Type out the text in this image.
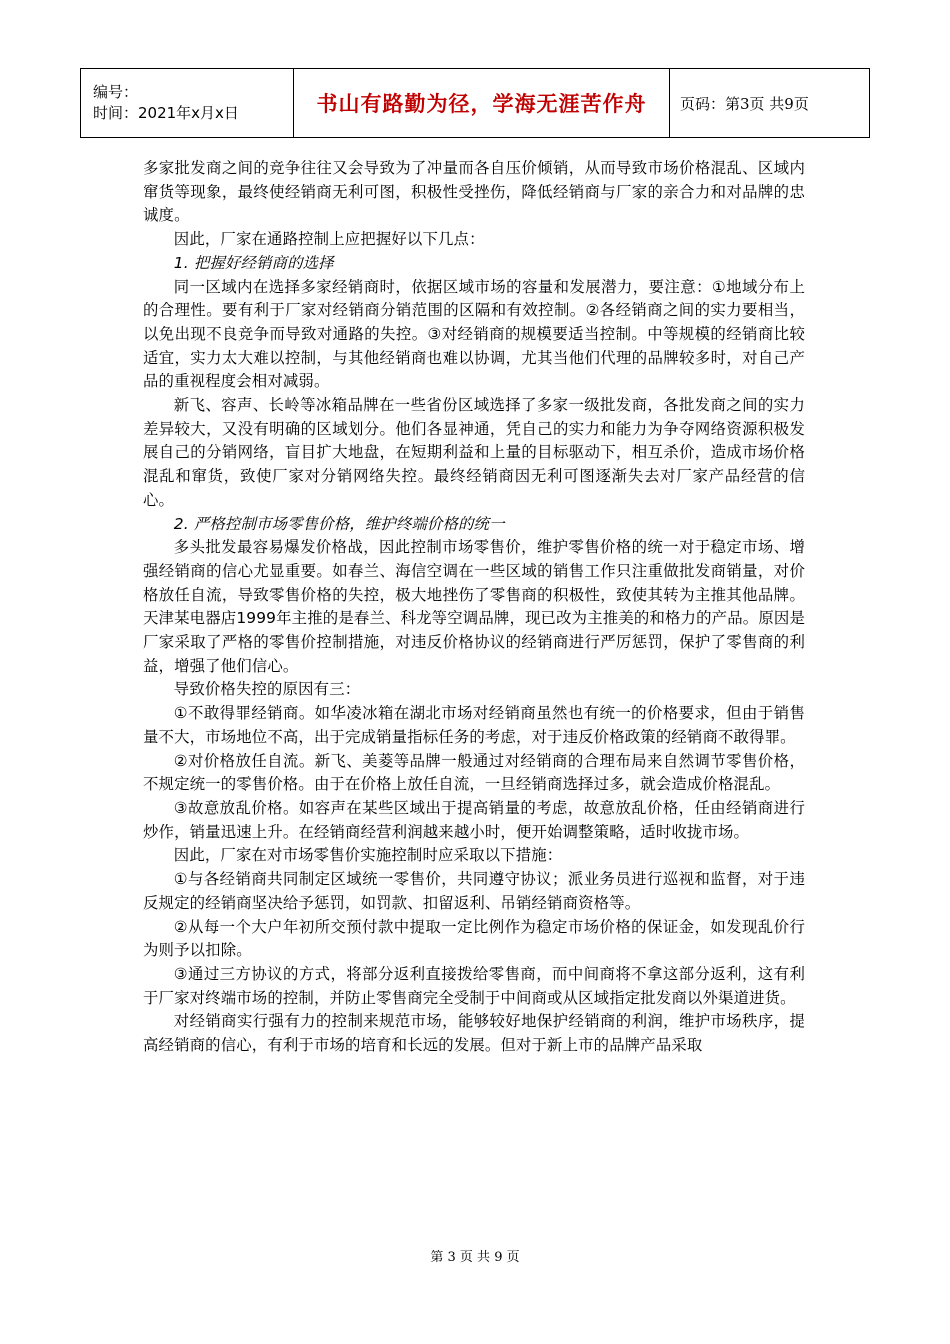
编号：
时间：2021年x月x日	书山有路勤为径，学海无涯苦作舟	页码：第3页 共9页

多家批发商之间的竞争往往又会导致为了冲量而各自压价倾销，从而导致市场价格混乱、区域内窜货等现象，最终使经销商无利可图，积极性受挫伤，降低经销商与厂家的亲合力和对品牌的忠诚度。

因此，厂家在通路控制上应把握好以下几点：

1. 把握好经销商的选择

同一区域内在选择多家经销商时，依据区域市场的容量和发展潜力，要注意：①地域分布上的合理性。要有利于厂家对经销商分销范围的区隔和有效控制。②各经销商之间的实力要相当，以免出现不良竞争而导致对通路的失控。③对经销商的规模要适当控制。中等规模的经销商比较适宜，实力太大难以控制，与其他经销商也难以协调，尤其当他们代理的品牌较多时，对自己产品的重视程度会相对减弱。

新飞、容声、长岭等冰箱品牌在一些省份区域选择了多家一级批发商，各批发商之间的实力差异较大，又没有明确的区域划分。他们各显神通，凭自己的实力和能力为争夺网络资源积极发展自己的分销网络，盲目扩大地盘，在短期利益和上量的目标驱动下，相互杀价，造成市场价格混乱和窜货，致使厂家对分销网络失控。最终经销商因无利可图逐渐失去对厂家产品经营的信心。

2. 严格控制市场零售价格，维护终端价格的统一

多头批发最容易爆发价格战，因此控制市场零售价，维护零售价格的统一对于稳定市场、增强经销商的信心尤显重要。如春兰、海信空调在一些区域的销售工作只注重做批发商销量，对价格放任自流，导致零售价格的失控，极大地挫伤了零售商的积极性，致使其转为主推其他品牌。天津某电器店1999年主推的是春兰、科龙等空调品牌，现已改为主推美的和格力的产品。原因是厂家采取了严格的零售价控制措施，对违反价格协议的经销商进行严厉惩罚，保护了零售商的利益，增强了他们信心。

导致价格失控的原因有三：

①不敢得罪经销商。如华凌冰箱在湖北市场对经销商虽然也有统一的价格要求，但由于销售量不大，市场地位不高，出于完成销量指标任务的考虑，对于违反价格政策的经销商不敢得罪。

②对价格放任自流。新飞、美菱等品牌一般通过对经销商的合理布局来自然调节零售价格，不规定统一的零售价格。由于在价格上放任自流，一旦经销商选择过多，就会造成价格混乱。

③故意放乱价格。如容声在某些区域出于提高销量的考虑，故意放乱价格，任由经销商进行炒作，销量迅速上升。在经销商经营利润越来越小时，便开始调整策略，适时收拢市场。

因此，厂家在对市场零售价实施控制时应采取以下措施：

①与各经销商共同制定区域统一零售价，共同遵守协议；派业务员进行巡视和监督，对于违反规定的经销商坚决给予惩罚，如罚款、扣留返利、吊销经销商资格等。

②从每一个大户年初所交预付款中提取一定比例作为稳定市场价格的保证金，如发现乱价行为则予以扣除。

③通过三方协议的方式，将部分返利直接拨给零售商，而中间商将不拿这部分返利，这有利于厂家对终端市场的控制，并防止零售商完全受制于中间商或从区域指定批发商以外渠道进货。

对经销商实行强有力的控制来规范市场，能够较好地保护经销商的利润，维护市场秩序，提高经销商的信心，有利于市场的培育和长远的发展。但对于新上市的品牌产品采取

第 3 页 共 9 页
